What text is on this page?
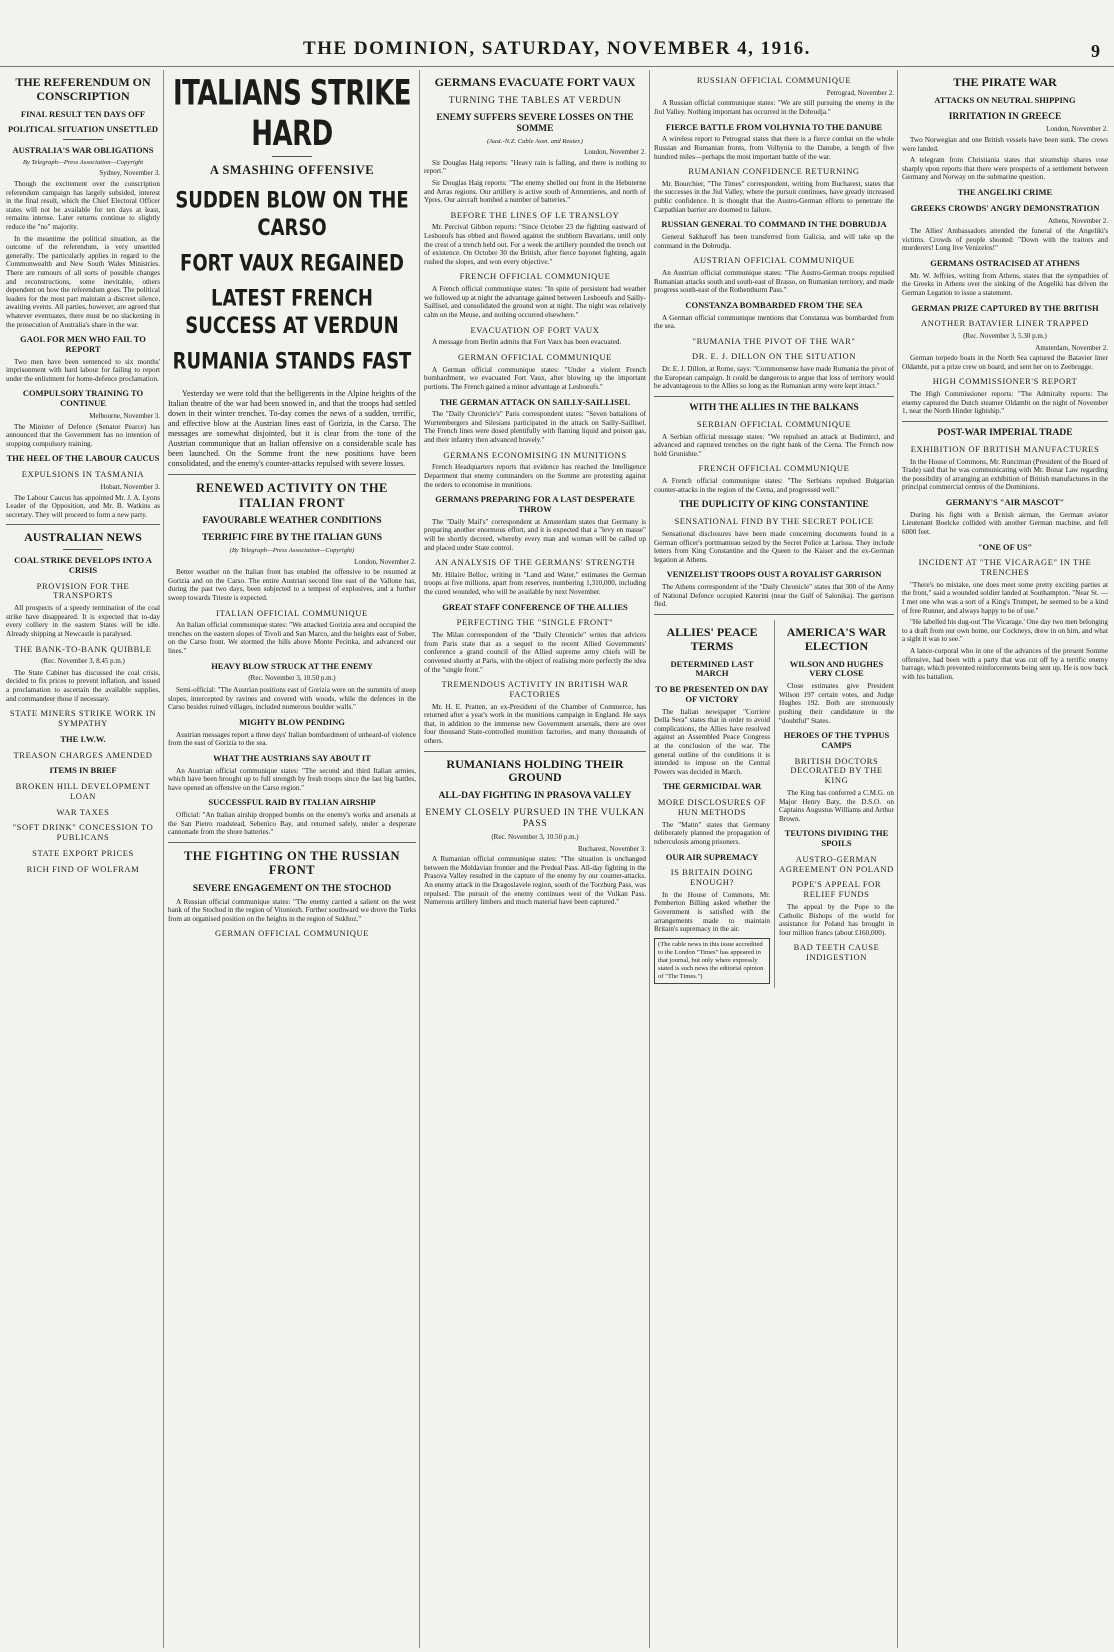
THE DOMINION, SATURDAY, NOVEMBER 4, 1916.	9
THE REFERENDUM ON CONSCRIPTION
FINAL RESULT TEN DAYS OFF
POLITICAL SITUATION UNSETTLED
AUSTRALIA'S WAR OBLIGATIONS
By Telegraph—Press Association—Copyright
Sydney, November 3.

Though the excitement over the conscription referendum campaign has largely subsided, interest in the final result, which the Chief Electoral Officer states will not be available for ten days at least, remains intense. Later returns continue to slightly reduce the "no" majority.

In the meantime the political situation, as the outcome of the referendum, is very unsettled generally. The particularly applies in regard to the Commonwealth and New South Wales Ministries. There are rumours of all sorts of possible changes and reconstructions, some inevitable, others dependent on how the referendum goes. The political leaders for the most part maintain a discreet silence, awaiting events. All parties, however, are agreed that whatever eventuates, there must be no slackening in the prosecution of Australia's share in the war.

GAOL FOR MEN WHO FAIL TO REPORT

Two men have been sentenced to six months' imprisonment with hard labour for failing to report under the enlistment for home-defence proclamation.

COMPULSORY TRAINING TO CONTINUE
Melbourne, November 3.

The Minister of Defence (Senator Pearce) has announced that the Government has no intention of stopping compulsory training.

THE HEEL OF THE LABOUR CAUCUS
EXPULSIONS IN TASMANIA
Hobart, November 3.

The Labour Caucus has appointed Mr. J. A. Lyons Leader of the Opposition, and Mr. B. Watkins as secretary. They will proceed to form a new party.

AUSTRALIAN NEWS
COAL STRIKE DEVELOPS INTO A CRISIS
PROVISION FOR THE TRANSPORTS

All prospects of a speedy termination of the coal strike have disappeared. It is expected that to-day every colliery in the eastern States will be idle. Already shipping at Newcastle is paralysed.

THE BANK-TO-BANK QUIBBLE
(Rec. November 3, 8.45 p.m.)

The State Cabinet has discussed the coal crisis, decided to fix prices to prevent inflation, and issued a proclamation to ascertain the available supplies, and commandeer those if necessary.

STATE MINERS STRIKE WORK IN SYMPATHY
THE I.W.W.
TREASON CHARGES AMENDED
ITEMS IN BRIEF
BROKEN HILL DEVELOPMENT LOAN
WAR TAXES
"SOFT DRINK" CONCESSION TO PUBLICANS
STATE EXPORT PRICES
RICH FIND OF WOLFRAM
ITALIANS STRIKE HARD
A SMASHING OFFENSIVE
SUDDEN BLOW ON THE CARSO
FORT VAUX REGAINED
LATEST FRENCH SUCCESS AT VERDUN
RUMANIA STANDS FAST

Yesterday we were told that the belligerents in the Alpine heights of the Italian theatre of the war had been snowed in, and that the troops had settled down in their winter trenches. To-day comes the news of a sudden, terrific, and effective blow at the Austrian lines east of Gorizia, in the Carso. The messages are somewhat disjointed, but it is clear from the tone of the Austrian communique that an Italian offensive on a considerable scale has been launched. On the Somme front the new positions have been consolidated, and the enemy's counter-attacks repulsed with severe losses.

RENEWED ACTIVITY ON THE ITALIAN FRONT
FAVOURABLE WEATHER CONDITIONS
TERRIFIC FIRE BY THE ITALIAN GUNS
(By Telegraph—Press Association—Copyright)
London, November 2.

Better weather on the Italian front has enabled the offensive to be resumed at Gorizia and on the Carso. The entire Austrian second line east of the Vallone has, during the past two days, been subjected to a tempest of explosives, and a further sweep towards Trieste is expected.

ITALIAN OFFICIAL COMMUNIQUE

An Italian official communique states: "We attacked Gorizia area and occupied the trenches on the eastern slopes of Tivoli and San Marco, and the heights east of Sober, on the Carso front. We stormed the hills above Monte Pecinka, and advanced our lines."

HEAVY BLOW STRUCK AT THE ENEMY
(Rec. November 3, 10.50 p.m.)

Semi-official: "The Austrian positions east of Gorizia were on the summits of steep slopes, intercepted by ravines and covered with woods, while the defences in the Carso besides ruined villages, included numerous boulder walls."

MIGHTY BLOW PENDING

Austrian messages report a three days' Italian bombardment of unheard-of violence from the east of Gorizia to the sea.

WHAT THE AUSTRIANS SAY ABOUT IT

An Austrian official communique states: "The second and third Italian armies, which have been brought up to full strength by fresh troops since the last big battles, have opened an offensive on the Carso region."

SUCCESSFUL RAID BY ITALIAN AIRSHIP

Official: "An Italian airship dropped bombs on the enemy's works and arsenals at the San Pietro roadstead, Sebenico Bay, and returned safely, under a desperate cannonade from the shore batteries."

THE FIGHTING ON THE RUSSIAN FRONT
SEVERE ENGAGEMENT ON THE STOCHOD

A Russian official communique states: "The enemy carried a salient on the west bank of the Stochod in the region of Vitoniezh. Further southward we drove the Turks from an organised position on the heights in the region of Sukhoz."

GERMAN OFFICIAL COMMUNIQUE
GERMANS EVACUATE FORT VAUX
TURNING THE TABLES AT VERDUN
ENEMY SUFFERS SEVERE LOSSES ON THE SOMME
(Aust.-N.Z. Cable Assn. and Reuter.)
London, November 2.

Sir Douglas Haig reports: "Heavy rain is falling, and there is nothing to report."

Sir Douglas Haig reports: "The enemy shelled our front in the Hebuterne and Arras regions. Our artillery is active south of Armentieres, and north of Ypres. Our aircraft bombed a number of batteries."

BEFORE THE LINES OF LE TRANSLOY

Mr. Percival Gibbon reports: "Since October 23 the fighting eastward of Lesboeufs has ebbed and flowed against the stubborn Bavarians, until only the crest of a trench held out. For a week the artillery pounded the trench out of existence. On October 30 the British, after fierce bayonet fighting, again rushed the slopes, and won every objective."

FRENCH OFFICIAL COMMUNIQUE

A French official communique states: "In spite of persistent bad weather we followed up at night the advantage gained between Lesboeufs and Sailly-Saillisel, and consolidated the ground won at night. The night was relatively calm on the Meuse, and nothing occurred elsewhere."

EVACUATION OF FORT VAUX

A message from Berlin admits that Fort Vaux has been evacuated.

GERMAN OFFICIAL COMMUNIQUE

A German official communique states: "Under a violent French bombardment, we evacuated Fort Vaux, after blowing up the important portions. The French gained a minor advantage at Lesboeufs."

THE GERMAN ATTACK ON SAILLY-SAILLISEL

The "Daily Chronicle's" Paris correspondent states: "Seven battalions of Wurtembergers and Silesians participated in the attack on Sailly-Saillisel. The French lines were dosed plentifully with flaming liquid and poison gas, and their infantry then advanced bravely."

GERMANS ECONOMISING IN MUNITIONS

French Headquarters reports that evidence has reached the Intelligence Department that enemy commanders on the Somme are protesting against the orders to economise in munitions.

GERMANS PREPARING FOR A LAST DESPERATE THROW

The "Daily Mail's" correspondent at Amsterdam states that Germany is preparing another enormous effort, and it is expected that a "levy en masse" will be shortly decreed, whereby every man and woman will be called up and placed under State control.

AN ANALYSIS OF THE GERMANS' STRENGTH

Mr. Hilaire Belloc, writing in "Land and Water," estimates the German troops at five millions, apart from reserves, numbering 1,310,000, including the cured wounded, who will be available by next November.

GREAT STAFF CONFERENCE OF THE ALLIES
PERFECTING THE "SINGLE FRONT"

The Milan correspondent of the "Daily Chronicle" writes that advices from Paris state that as a sequel to the recent Allied Governments' conference a grand council of the Allied supreme army chiefs will be convened shortly at Paris, with the object of realising more perfectly the idea of the "single front."

TREMENDOUS ACTIVITY IN BRITISH WAR FACTORIES

Mr. H. E. Pratten, an ex-President of the Chamber of Commerce, has returned after a year's work in the munitions campaign in England. He says that, in addition to the immense new Government arsenals, there are over four thousand State-controlled munition factories, and many thousands of others.

RUMANIANS HOLDING THEIR GROUND
ALL-DAY FIGHTING IN PRASOVA VALLEY
ENEMY CLOSELY PURSUED IN THE VULKAN PASS
(Rec. November 3, 10.50 p.m.)
Bucharest, November 3.

A Rumanian official communique states: "The situation is unchanged between the Moldavian frontier and the Predeal Pass. All-day fighting in the Prasova Valley resulted in the capture of the enemy by our counter-attacks. An enemy attack in the Dragoslavele region, south of the Torzburg Pass, was repulsed. The pursuit of the enemy continues west of the Vulkan Pass. Numerous artillery limbers and much material have been captured."

RUSSIAN OFFICIAL COMMUNIQUE
Petrograd, November 2.

A Russian official communique states: "We are still pursuing the enemy in the Jiul Valley. Nothing important has occurred in the Dobrudja."

FIERCE BATTLE FROM VOLHYNIA TO THE DANUBE

A wireless report to Petrograd states that there is a fierce combat on the whole Russian and Rumanian fronts, from Volhynia to the Danube, a length of five hundred miles—perhaps the most important battle of the war.

RUMANIAN CONFIDENCE RETURNING

Mr. Bourchier, "The Times" correspondent, writing from Bucharest, states that the successes in the Jiul Valley, where the pursuit continues, have greatly increased public confidence. It is thought that the Austro-German efforts to penetrate the Carpathian barrier are doomed to failure.

RUSSIAN GENERAL TO COMMAND IN THE DOBRUDJA

General Sakharoff has been transferred from Galicia, and will take up the command in the Dobrudja.

AUSTRIAN OFFICIAL COMMUNIQUE

An Austrian official communique states: "The Austro-German troops repulsed Rumanian attacks south and south-east of Brasso, on Rumanian territory, and made progress south-east of the Rothenthurm Pass."

CONSTANZA BOMBARDED FROM THE SEA

A German official communique mentions that Constanza was bombarded from the sea.

"RUMANIA THE PIVOT OF THE WAR"
DR. E. J. DILLON ON THE SITUATION

Dr. E. J. Dillon, at Rome, says: "Commonsense have made Rumania the pivot of the European campaign. It could be dangerous to argue that loss of territory would be advantageous to the Allies so long as the Rumanian army were kept intact."

WITH THE ALLIES IN THE BALKANS
SERBIAN OFFICIAL COMMUNIQUE

A Serbian official message states: "We repulsed an attack at Budimirci, and advanced and captured trenches on the right bank of the Cerna. The French now hold Grunishte."

FRENCH OFFICIAL COMMUNIQUE

A French official communique states: "The Serbians repulsed Bulgarian counter-attacks in the region of the Cerna, and progressed well."

THE DUPLICITY OF KING CONSTANTINE
SENSATIONAL FIND BY THE SECRET POLICE

Sensational disclosures have been made concerning documents found in a German officer's portmanteau seized by the Secret Police at Larissa. They include letters from King Constantine and the Queen to the Kaiser and the ex-German legation at Athens.

VENIZELIST TROOPS OUST A ROYALIST GARRISON

The Athens correspondent of the "Daily Chronicle" states that 300 of the Army of National Defence occupied Katerini (near the Gulf of Salonika). The garrison fled.

ALLIES' PEACE TERMS
DETERMINED LAST MARCH
TO BE PRESENTED ON DAY OF VICTORY

The Italian newspaper "Corriere Della Sera" states that in order to avoid complications, the Allies have resolved against an Assembled Peace Congress at the conclusion of the war. The general outline of the conditions it is intended to impose on the Central Powers was decided in March.

THE GERMICIDAL WAR
MORE DISCLOSURES OF HUN METHODS

The "Matin" states that Germany deliberately planned the propagation of tuberculosis among prisoners.

OUR AIR SUPREMACY
IS BRITAIN DOING ENOUGH?

In the House of Commons, Mr. Pemberton Billing asked whether the Government is satisfied with the arrangements made to maintain Britain's supremacy in the air.

(The cable news in this issue accredited to the London "Times" has appeared in that journal, but only where expressly stated is such news the editorial opinion of "The Times.")
AMERICA'S WAR ELECTION
WILSON AND HUGHES VERY CLOSE

Close estimates give President Wilson 197 certain votes, and Judge Hughes 192. Both are strenuously pushing their candidature in the "doubtful" States.

HEROES OF THE TYPHUS CAMPS
BRITISH DOCTORS DECORATED BY THE KING

The King has conferred a C.M.G. on Major Henry Baty, the D.S.O. on Captains Augustus Williams and Arthur Brown.

TEUTONS DIVIDING THE SPOILS
AUSTRO-GERMAN AGREEMENT ON POLAND
POPE'S APPEAL FOR RELIEF FUNDS

The appeal by the Pope to the Catholic Bishops of the world for assistance for Poland has brought in four million francs (about £160,000).

BAD TEETH CAUSE INDIGESTION
THE PIRATE WAR
ATTACKS ON NEUTRAL SHIPPING
IRRITATION IN GREECE
London, November 2.

Two Norwegian and one British vessels have been sunk. The crews were landed.

A telegram from Christiania states that steamship shares rose sharply upon reports that there were prospects of a settlement between Germany and Norway on the submarine question.

THE ANGELIKI CRIME
GREEKS CROWDS' ANGRY DEMONSTRATION
Athens, November 2.

The Allies' Ambassadors attended the funeral of the Angeliki's victims. Crowds of people shouted: "Down with the traitors and murderers! Long live Venizelos!"

GERMANS OSTRACISED AT ATHENS

Mr. W. Jeffries, writing from Athens, states that the sympathies of the Greeks in Athens over the sinking of the Angeliki has driven the German Legation to issue a statement.

GERMAN PRIZE CAPTURED BY THE BRITISH
ANOTHER BATAVIER LINER TRAPPED
(Rec. November 3, 5.30 p.m.)
Amsterdam, November 2.

German torpedo boats in the North Sea captured the Batavier liner Oldambt, put a prize crew on board, and sent her on to Zeebrugge.

HIGH COMMISSIONER'S REPORT

The High Commissioner reports: "The Admiralty reports: The enemy captured the Dutch steamer Oldambt on the night of November 1, near the North Hinder lightship."

POST-WAR IMPERIAL TRADE
EXHIBITION OF BRITISH MANUFACTURES

In the House of Commons, Mr. Runciman (President of the Board of Trade) said that he was communicating with Mr. Bonar Law regarding the possibility of arranging an exhibition of British manufactures in the principal commercial centres of the Dominions.

GERMANY'S "AIR MASCOT"

During his fight with a British airman, the German aviator Lieutenant Boelcke collided with another German machine, and fell 6000 feet.

"ONE OF US"
INCIDENT AT "THE VICARAGE" IN THE TRENCHES

"There's no mistake, one does meet some pretty exciting parties at the front," said a wounded soldier landed at Southampton. "Near St. — I met one who was a sort of a King's Trumpet, he seemed to be a kind of free Runner, and always happy to be of use."

"He labelled his dug-out 'The Vicarage.' One day two men belonging to a draft from our own home, our Cockneys, drew in on him, and what a sight it was to see."

A lance-corporal who in one of the advances of the present Somme offensive, had been with a party that was cut off by a terrific enemy barrage, which prevented reinforcements being sent up. He is now back with his battalion.
